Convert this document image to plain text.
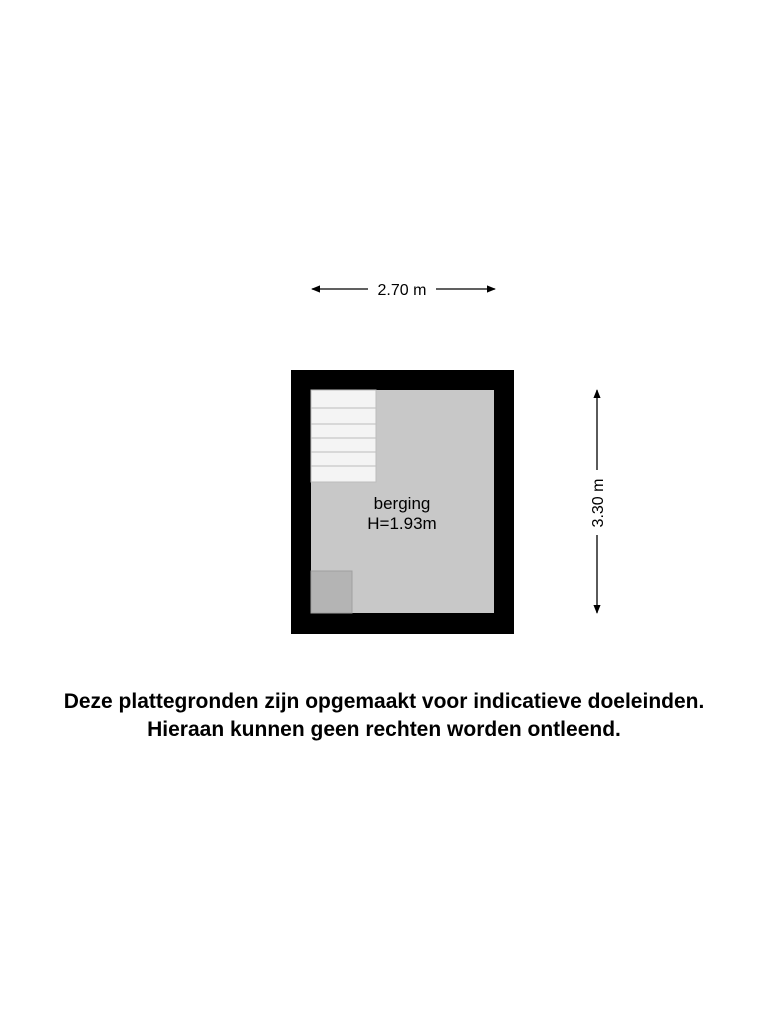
2.70 m
berging
H=1.93m	3.30 m
Deze plattegronden zijn opgemaakt voor indicatieve doeleinden.
Hieraan kunnen geen rechten worden ontleend.
